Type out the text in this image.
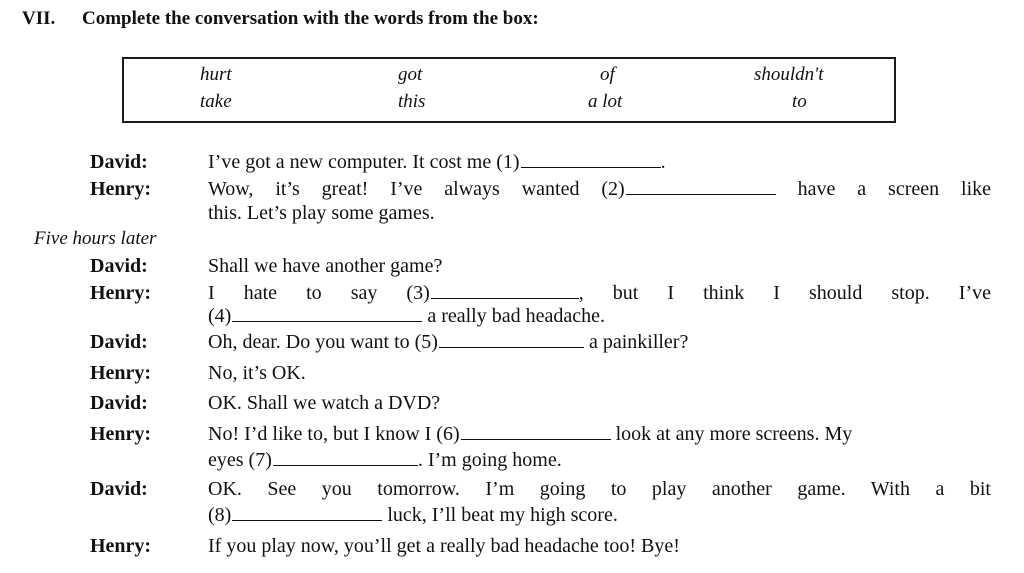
VII. Complete the conversation with the words from the box:
hurt	got	of	shouldn't
take	this	a lot	to
David:	I’ve got a new computer. It cost me (1)	.
Henry:	Wow, it’s great! I’ve always wanted (2)	have a screen like
this. Let’s play some games.
Five hours later
David:	Shall we have another game?
Henry:	I hate to say (3)	, but I think I should stop. I’ve
(4)	a really bad headache.
David:	Oh, dear. Do you want to (5)	a painkiller?
Henry:	No, it’s OK.
David:	OK. Shall we watch a DVD?
Henry:	No! I’d like to, but I know I (6)	look at any more screens. My
eyes (7)	. I’m going home.
David:	OK. See you tomorrow. I’m going to play another game. With a bit
(8)	luck, I’ll beat my high score.
Henry:	If you play now, you’ll get a really bad headache too! Bye!
